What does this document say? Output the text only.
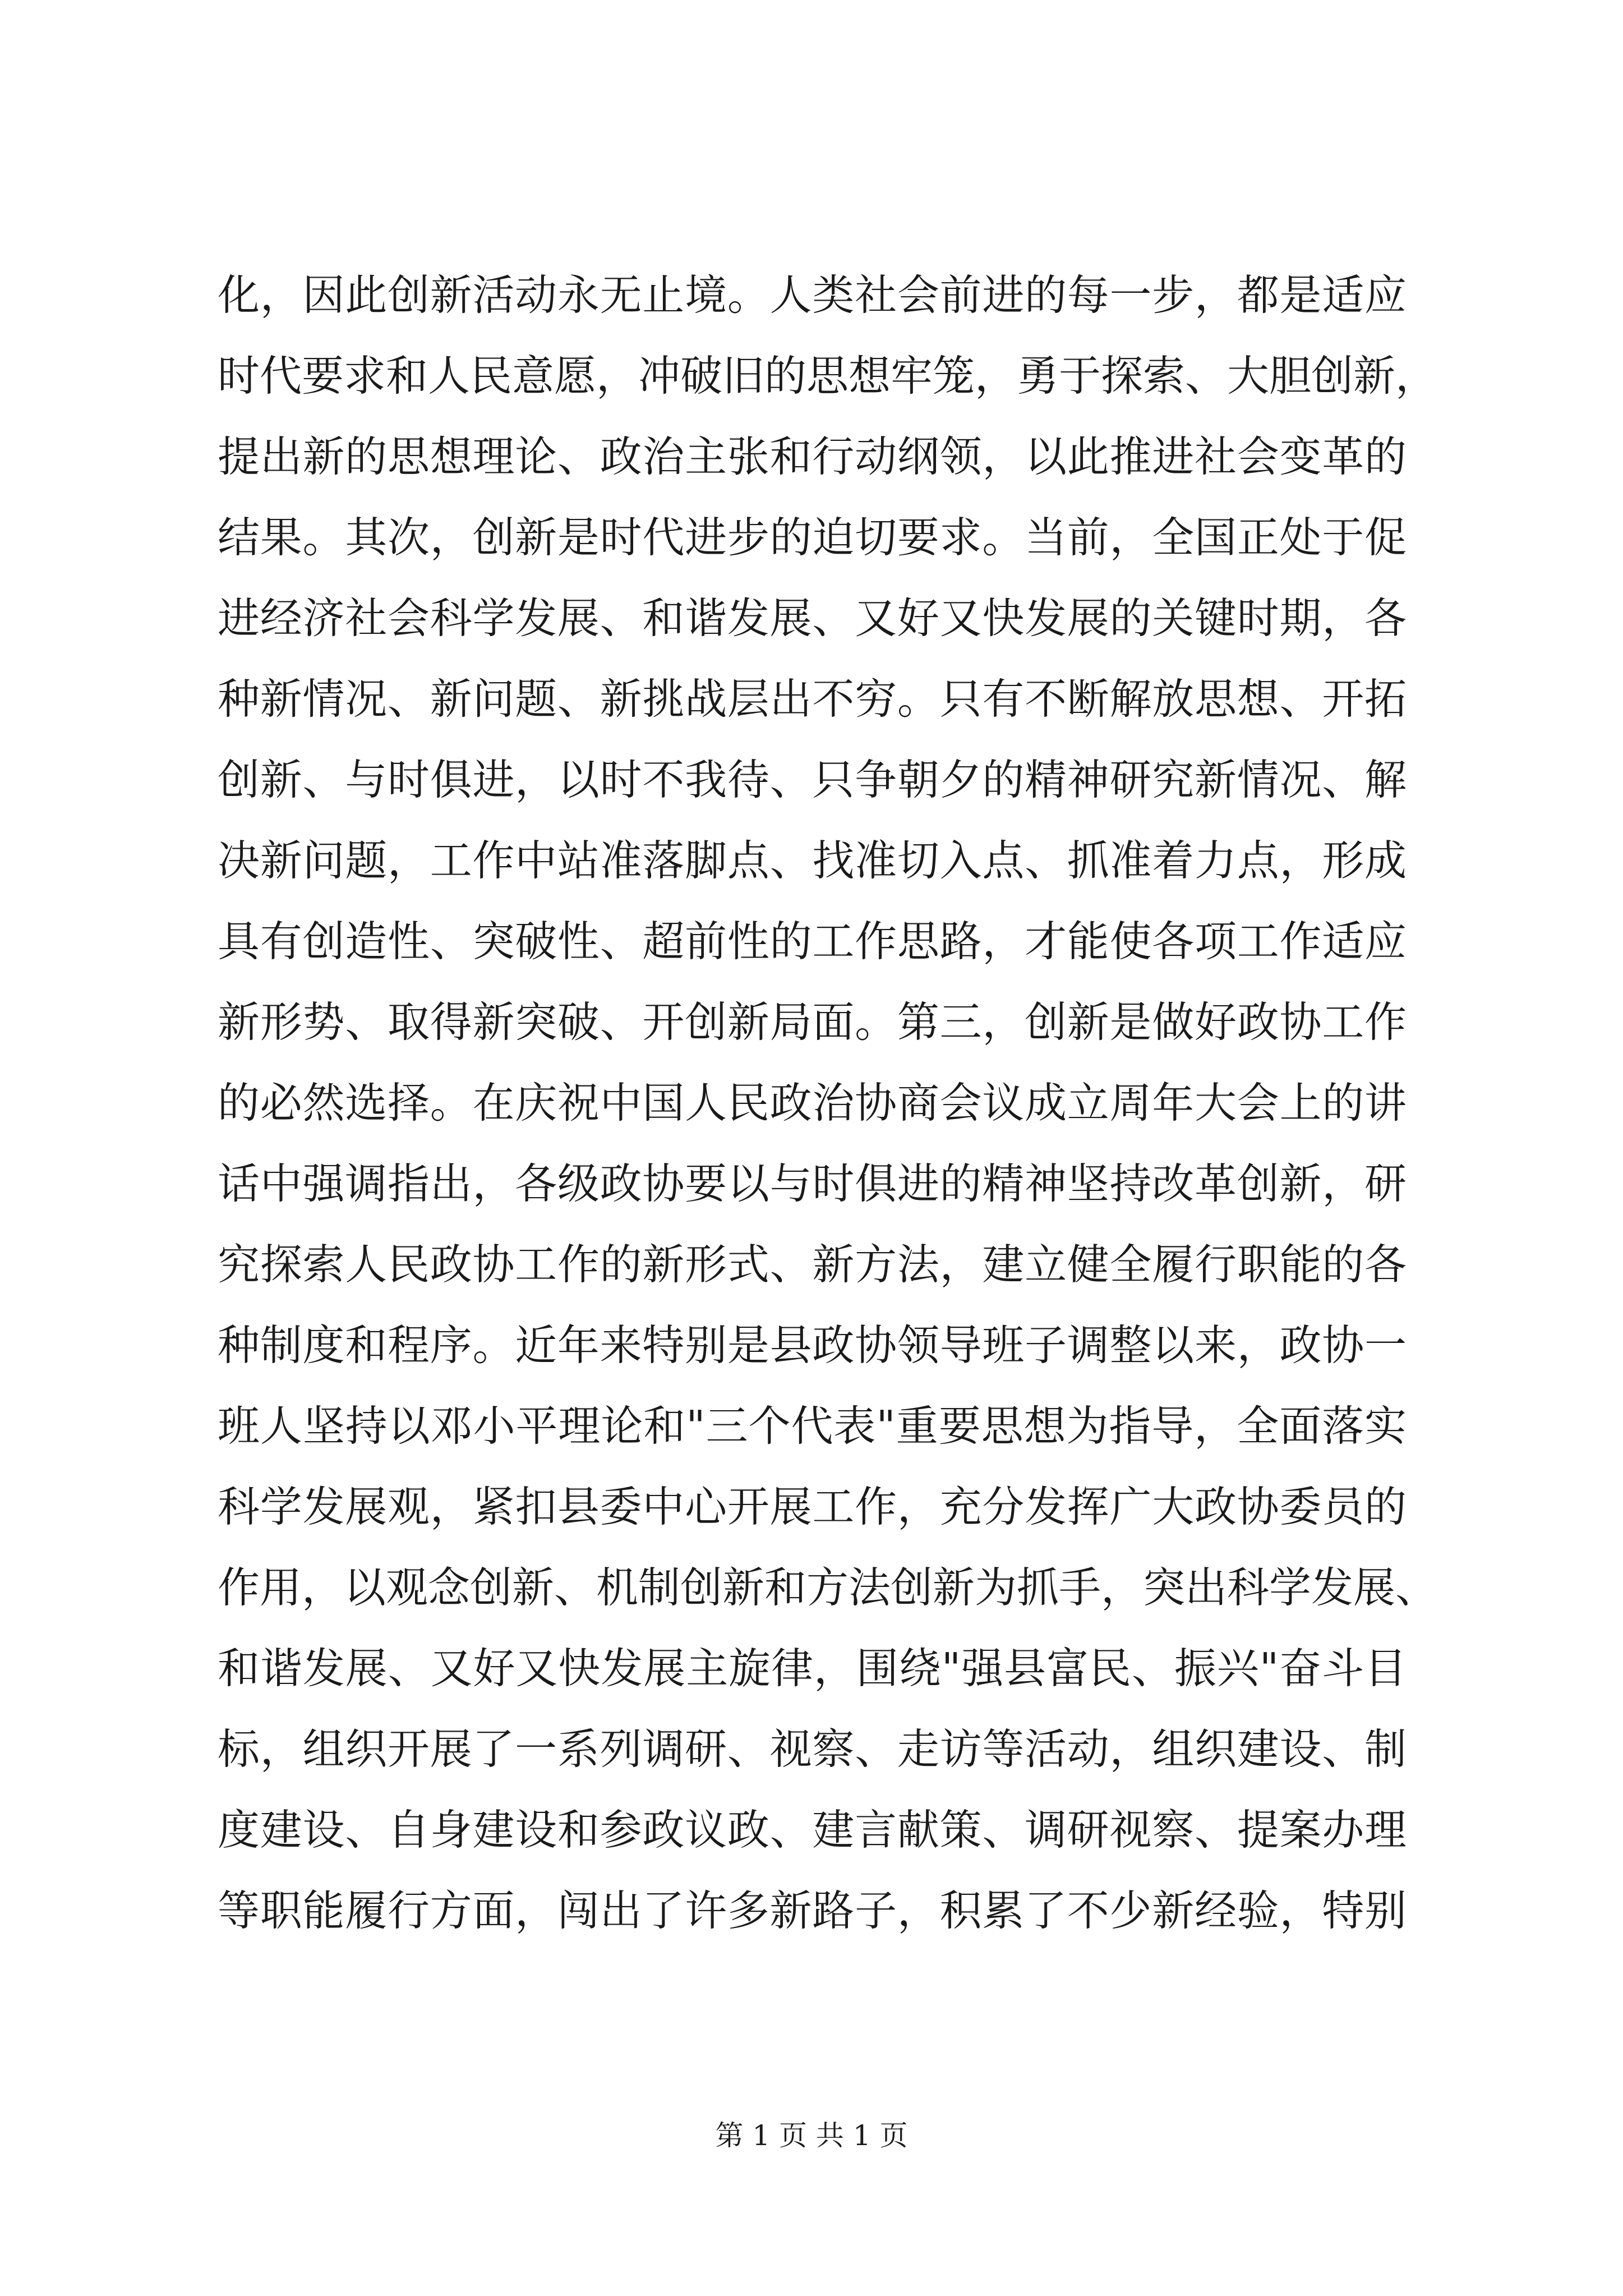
化，因此创新活动永无止境。人类社会前进的每一步，都是适应
时代要求和人民意愿，冲破旧的思想牢笼，勇于探索、大胆创新，
提出新的思想理论、政治主张和行动纲领，以此推进社会变革的
结果。其次，创新是时代进步的迫切要求。当前，全国正处于促
进经济社会科学发展、和谐发展、又好又快发展的关键时期，各
种新情况、新问题、新挑战层出不穷。只有不断解放思想、开拓
创新、与时俱进，以时不我待、只争朝夕的精神研究新情况、解
决新问题，工作中站准落脚点、找准切入点、抓准着力点，形成
具有创造性、突破性、超前性的工作思路，才能使各项工作适应
新形势、取得新突破、开创新局面。第三，创新是做好政协工作
的必然选择。在庆祝中国人民政治协商会议成立周年大会上的讲
话中强调指出，各级政协要以与时俱进的精神坚持改革创新，研
究探索人民政协工作的新形式、新方法，建立健全履行职能的各
种制度和程序。近年来特别是县政协领导班子调整以来，政协一
班人坚持以邓小平理论和"三个代表"重要思想为指导，全面落实
科学发展观，紧扣县委中心开展工作，充分发挥广大政协委员的
作用，以观念创新、机制创新和方法创新为抓手，突出科学发展、
和谐发展、又好又快发展主旋律，围绕"强县富民、振兴"奋斗目
标，组织开展了一系列调研、视察、走访等活动，组织建设、制
度建设、自身建设和参政议政、建言献策、调研视察、提案办理
等职能履行方面，闯出了许多新路子，积累了不少新经验，特别
第 1 页 共 1 页
